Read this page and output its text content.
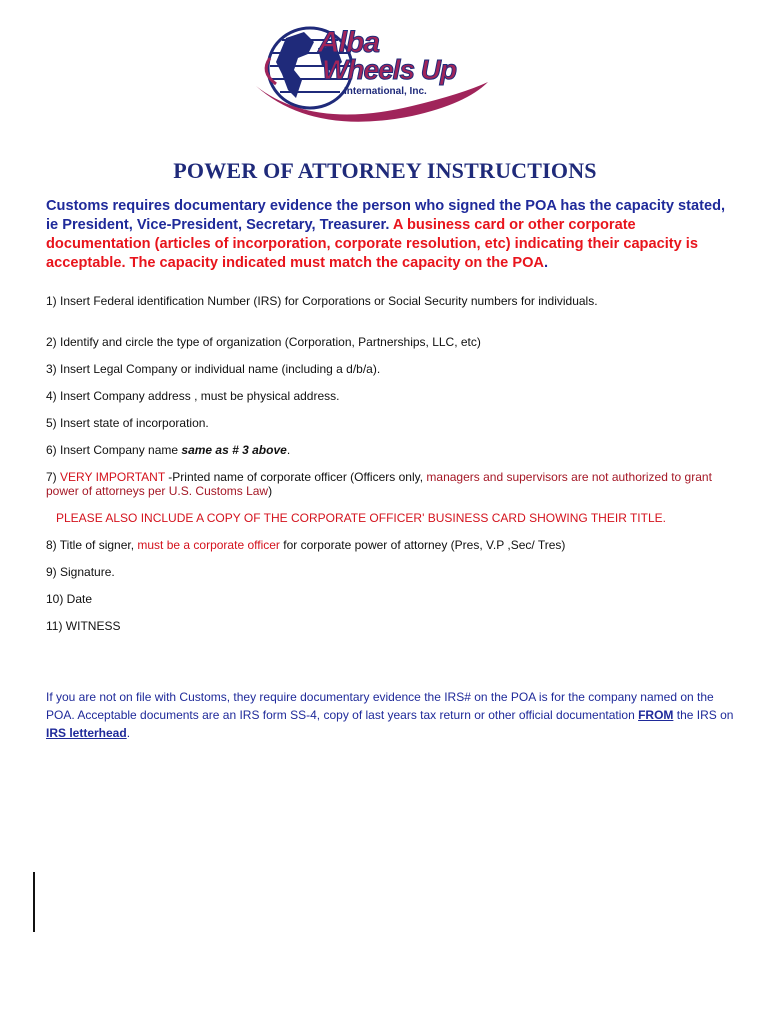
Alba
Wheels Up
International, Inc.
POWER OF ATTORNEY INSTRUCTIONS
Customs requires documentary evidence the person who signed the POA has the capacity stated, ie President, Vice-President, Secretary, Treasurer. A business card or other corporate documentation (articles of incorporation, corporate resolution, etc) indicating their capacity is acceptable. The capacity indicated must match the capacity on the POA.
1) Insert Federal identification Number (IRS) for Corporations or Social Security numbers for individuals.
2) Identify and circle the type of organization (Corporation, Partnerships, LLC, etc)
3) Insert Legal Company or individual name (including a d/b/a).
4) Insert Company address , must be physical address.
5) Insert state of incorporation.
6) Insert Company name same as # 3 above.
7) VERY IMPORTANT -Printed name of corporate officer (Officers only, managers and supervisors are not authorized to grant power of attorneys per U.S. Customs Law)
PLEASE ALSO INCLUDE A COPY OF THE CORPORATE OFFICER' BUSINESS CARD SHOWING THEIR TITLE.
8) Title of signer, must be a corporate officer for corporate power of attorney (Pres, V.P ,Sec/ Tres)
9) Signature.
10) Date
11) WITNESS
If you are not on file with Customs, they require documentary evidence the IRS# on the POA is for the company named on the POA. Acceptable documents are an IRS form SS-4, copy of last years tax return or other official documentation FROM the IRS on IRS letterhead.
